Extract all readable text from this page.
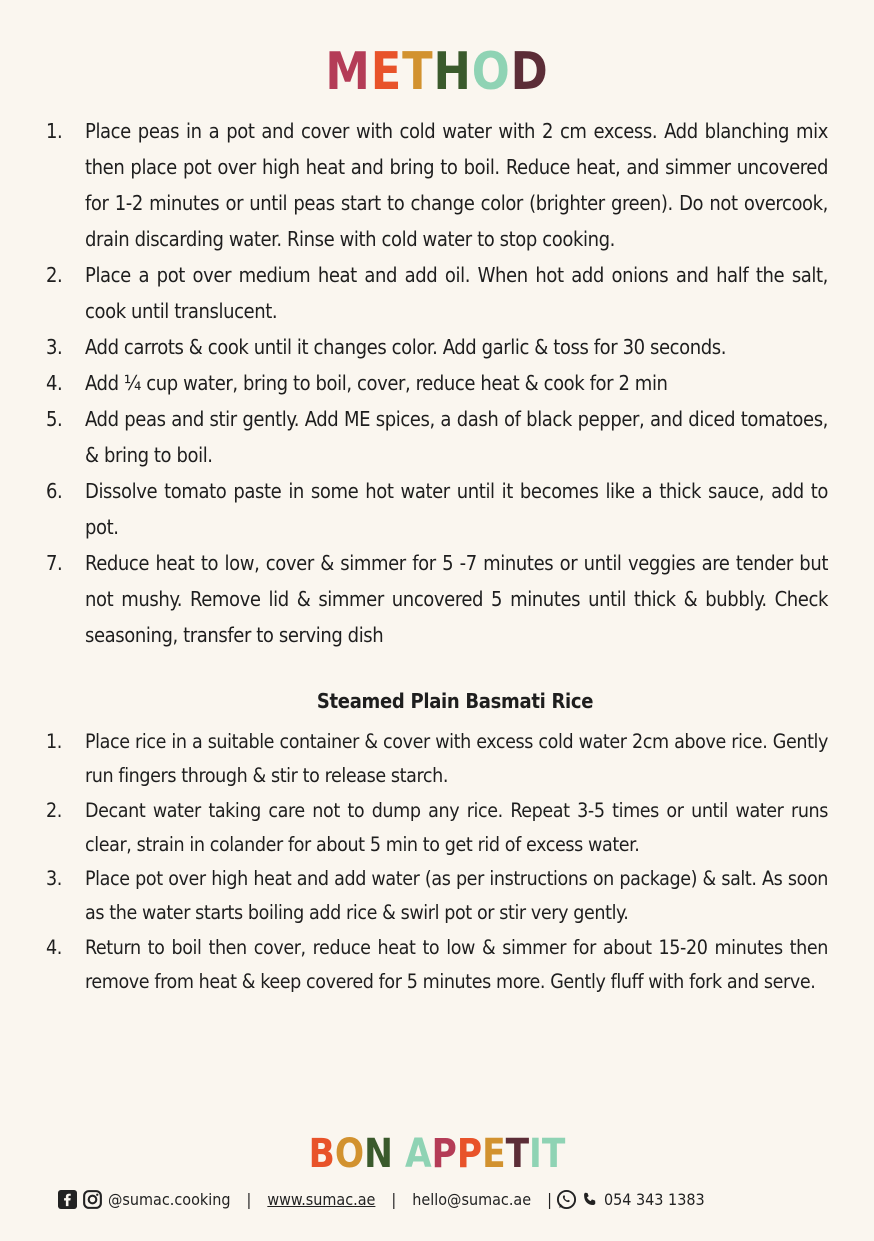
METHOD
1. Place peas in a pot and cover with cold water with 2 cm excess. Add blanching mix then place pot over high heat and bring to boil. Reduce heat, and simmer uncovered for 1-2 minutes or until peas start to change color (brighter green). Do not overcook, drain discarding water. Rinse with cold water to stop cooking.
2. Place a pot over medium heat and add oil. When hot add onions and half the salt, cook until translucent.
3. Add carrots & cook until it changes color. Add garlic & toss for 30 seconds.
4. Add ¼ cup water, bring to boil, cover, reduce heat & cook for 2 min
5. Add peas and stir gently. Add ME spices, a dash of black pepper, and diced tomatoes, & bring to boil.
6. Dissolve tomato paste in some hot water until it becomes like a thick sauce, add to pot.
7. Reduce heat to low, cover & simmer for 5 -7 minutes or until veggies are tender but not mushy. Remove lid & simmer uncovered 5 minutes until thick & bubbly. Check seasoning, transfer to serving dish
Steamed Plain Basmati Rice
1. Place rice in a suitable container & cover with excess cold water 2cm above rice. Gently run fingers through & stir to release starch.
2. Decant water taking care not to dump any rice. Repeat 3-5 times or until water runs clear, strain in colander for about 5 min to get rid of excess water.
3. Place pot over high heat and add water (as per instructions on package) & salt. As soon as the water starts boiling add rice & swirl pot or stir very gently.
4. Return to boil then cover, reduce heat to low & simmer for about 15-20 minutes then remove from heat & keep covered for 5 minutes more. Gently fluff with fork and serve.
BON APPETIT
@sumac.cooking | www.sumac.ae | hello@sumac.ae |	054 343 1383
